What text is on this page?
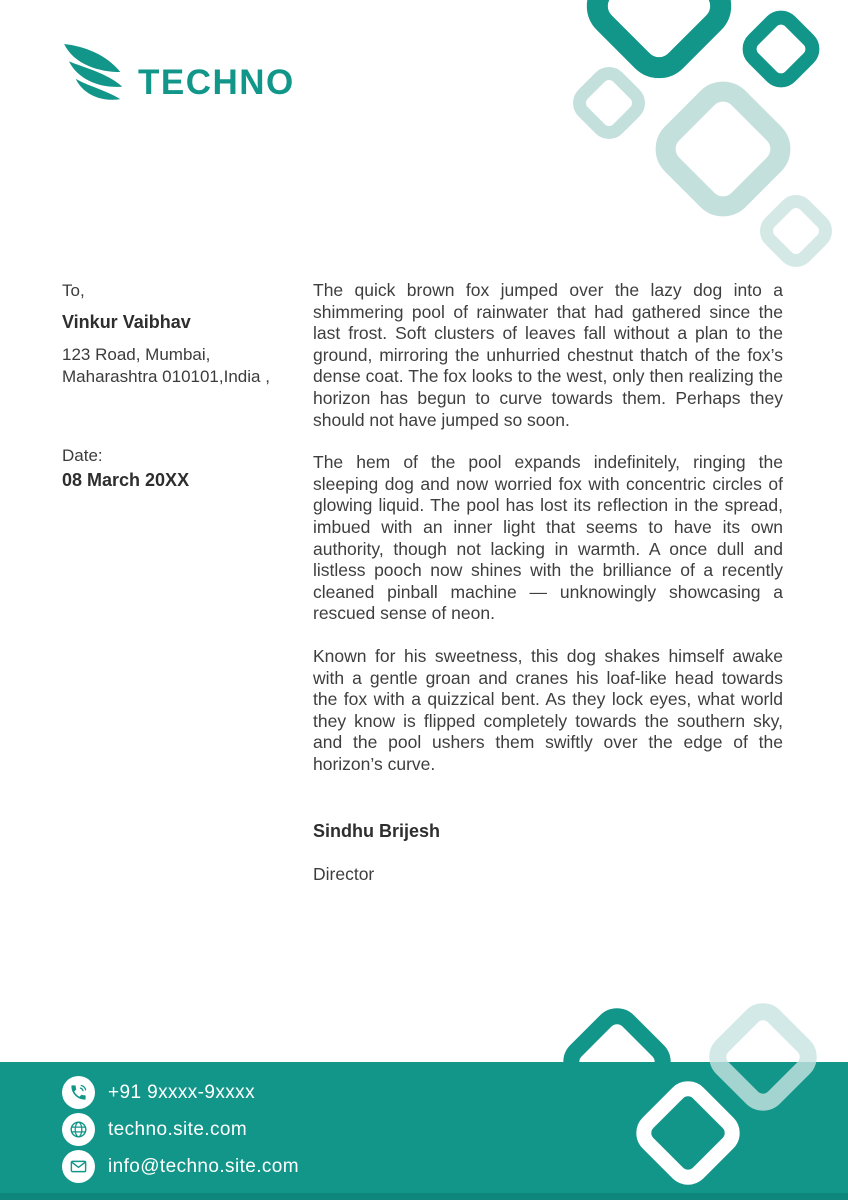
TECHNO

To,

Vinkur Vaibhav

123 Road, Mumbai,

Maharashtra 010101,India ,

Date:

08 March 20XX

The quick brown fox jumped over the lazy dog into a shimmering pool of rainwater that had gathered since the last frost. Soft clusters of leaves fall without a plan to the ground, mirroring the unhurried chestnut thatch of the fox’s dense coat. The fox looks to the west, only then realizing the horizon has begun to curve towards them. Perhaps they should not have jumped so soon.

The hem of the pool expands indefinitely, ringing the sleeping dog and now worried fox with concentric circles of glowing liquid. The pool has lost its reflection in the spread, imbued with an inner light that seems to have its own authority, though not lacking in warmth. A once dull and listless pooch now shines with the brilliance of a recently cleaned pinball machine — unknowingly showcasing a rescued sense of neon.

Known for his sweetness, this dog shakes himself awake with a gentle groan and cranes his loaf-like head towards the fox with a quizzical bent. As they lock eyes, what world they know is flipped completely towards the southern sky, and the pool ushers them swiftly over the edge of the horizon’s curve.

Sindhu Brijesh

Director

+91 9xxxx-9xxxx
techno.site.com
info@techno.site.com
